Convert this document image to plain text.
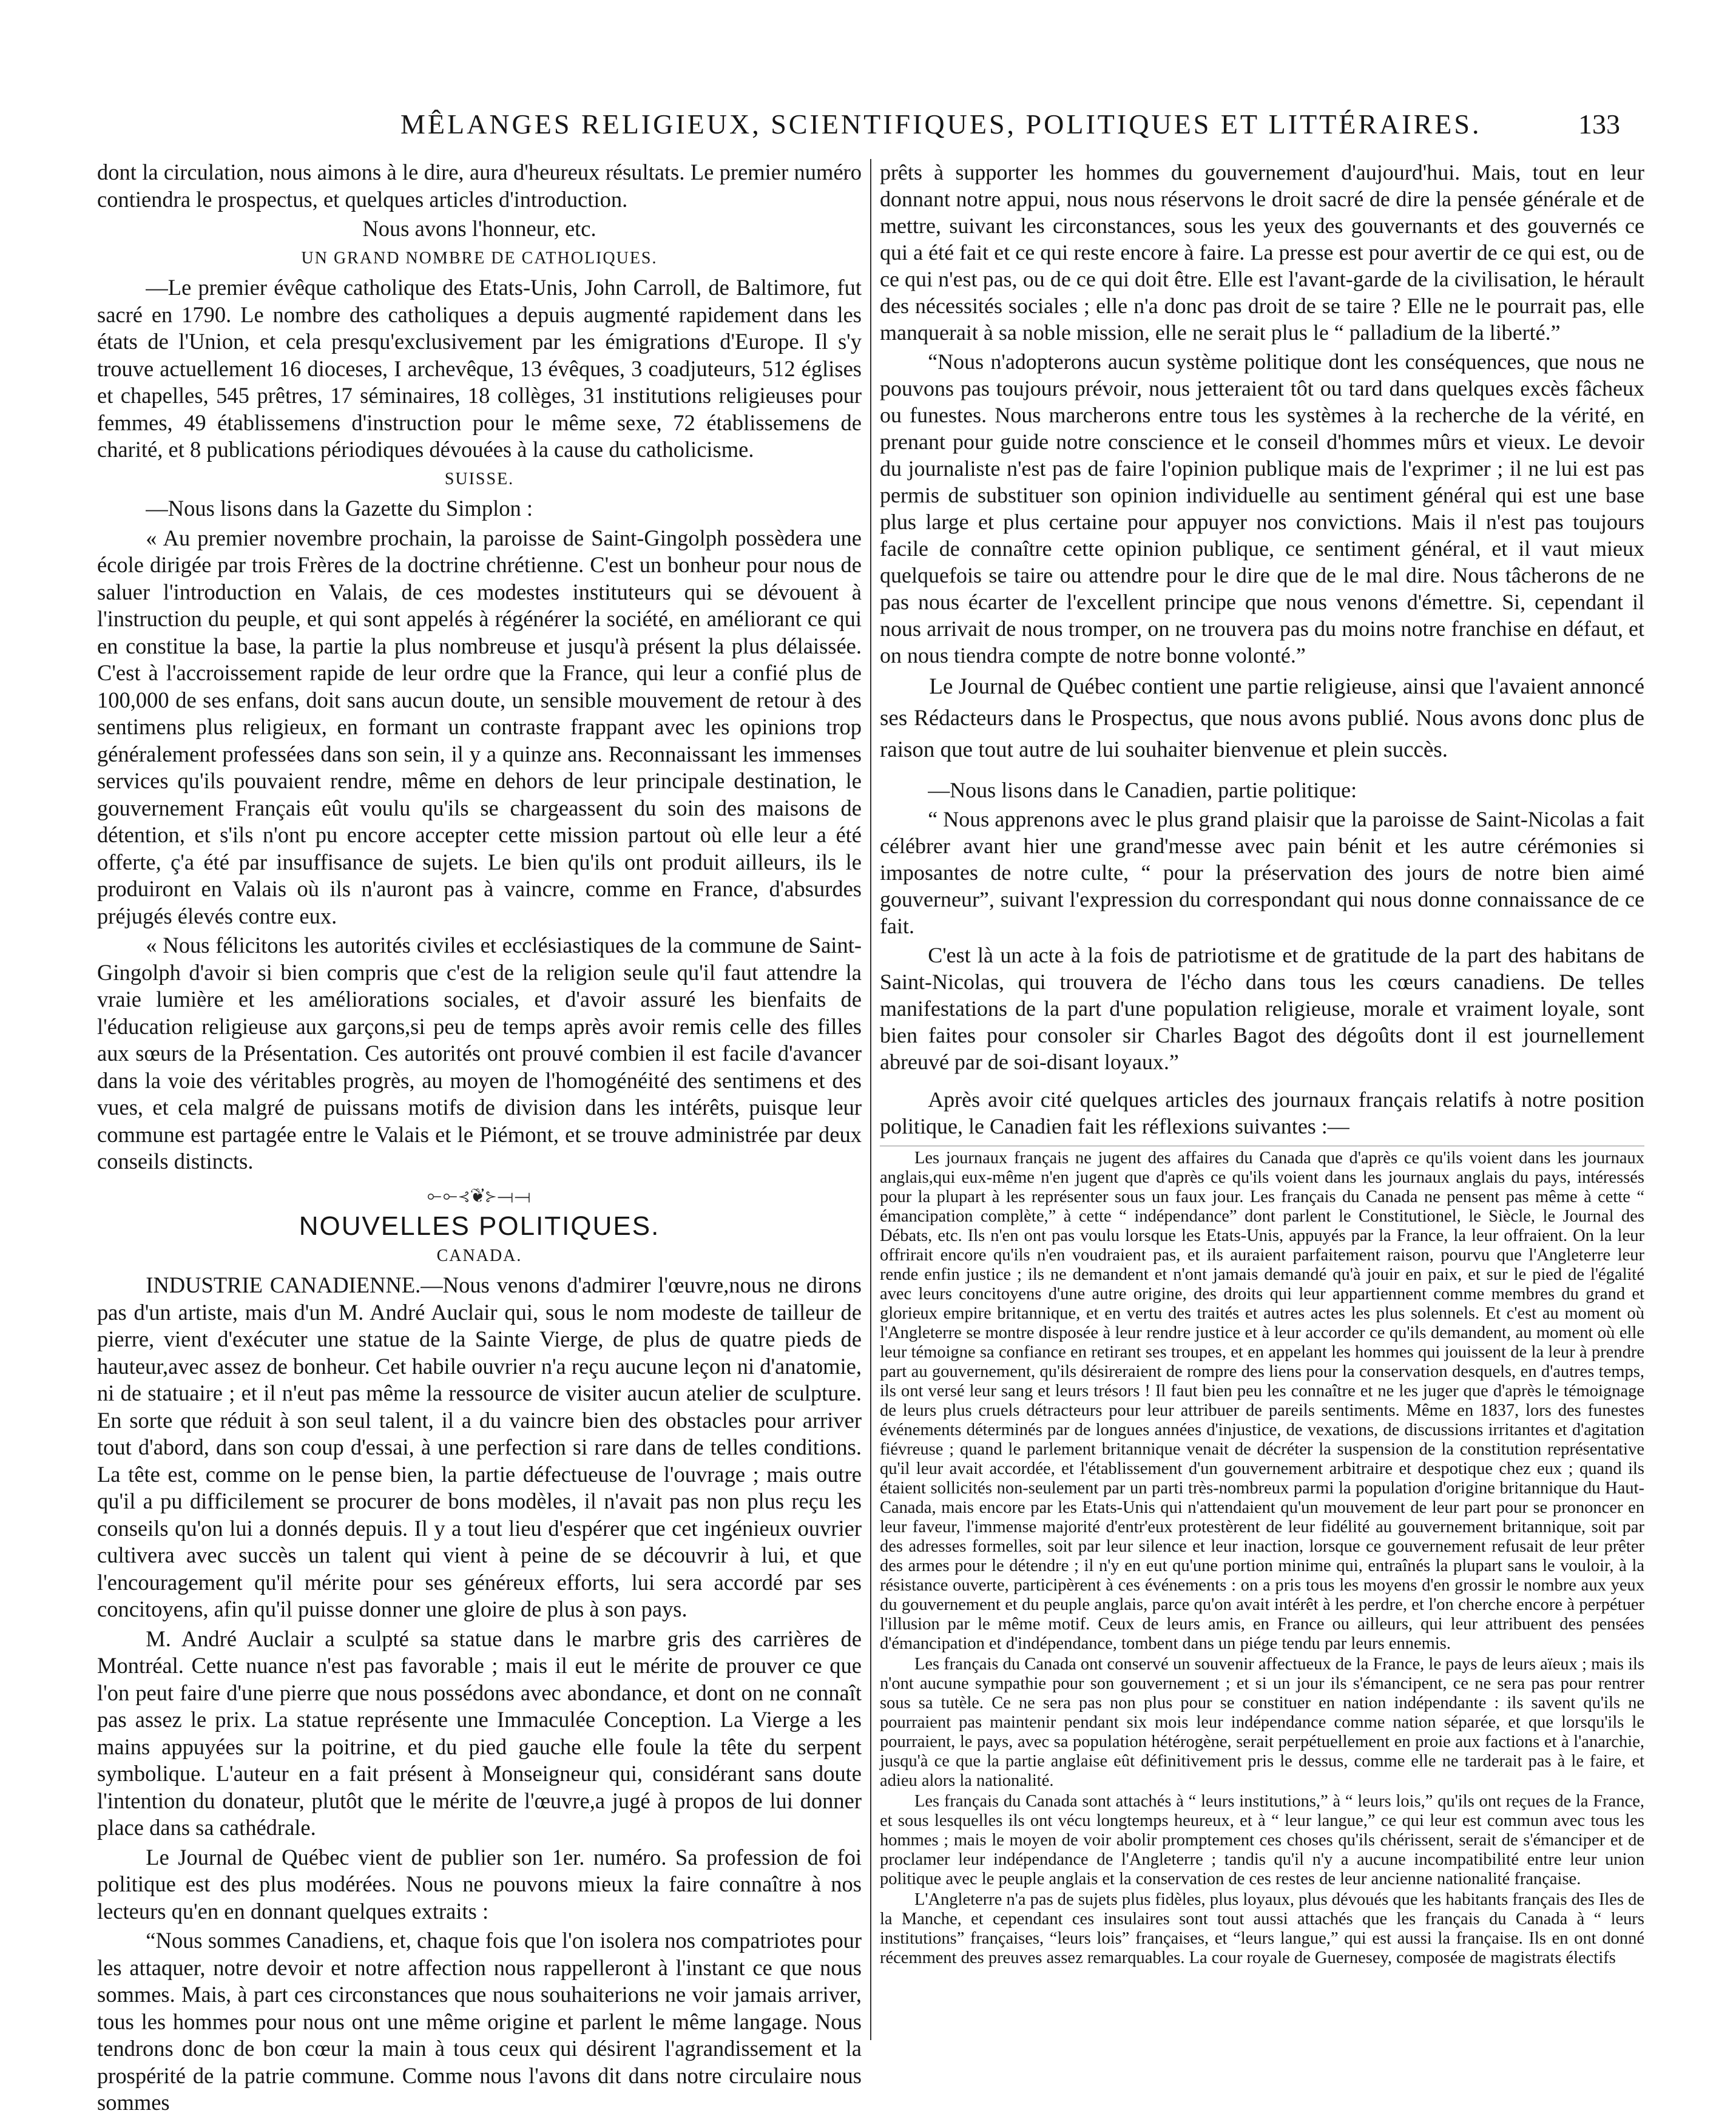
MÊLANGES RELIGIEUX, SCIENTIFIQUES, POLITIQUES ET LITTÉRAIRES.	133

dont la circulation, nous aimons à le dire, aura d'heureux résultats. Le premier numéro contiendra le prospectus, et quelques articles d'introduction.

Nous avons l'honneur, etc.

UN GRAND NOMBRE DE CATHOLIQUES.

—Le premier évêque catholique des Etats-Unis, John Carroll, de Baltimore, fut sacré en 1790. Le nombre des catholiques a depuis augmenté rapidement dans les états de l'Union, et cela presqu'exclusivement par les émigrations d'Europe. Il s'y trouve actuellement 16 dioceses, I archevêque, 13 évêques, 3 coadjuteurs, 512 églises et chapelles, 545 prêtres, 17 séminaires, 18 collèges, 31 institutions religieuses pour femmes, 49 établissemens d'instruction pour le même sexe, 72 établissemens de charité, et 8 publications périodiques dévouées à la cause du catholicisme.

SUISSE.

—Nous lisons dans la Gazette du Simplon :

« Au premier novembre prochain, la paroisse de Saint-Gingolph possèdera une école dirigée par trois Frères de la doctrine chrétienne. C'est un bonheur pour nous de saluer l'introduction en Valais, de ces modestes instituteurs qui se dévouent à l'instruction du peuple, et qui sont appelés à régénérer la société, en améliorant ce qui en constitue la base, la partie la plus nombreuse et jusqu'à présent la plus délaissée. C'est à l'accroissement rapide de leur ordre que la France, qui leur a confié plus de 100,000 de ses enfans, doit sans aucun doute, un sensible mouvement de retour à des sentimens plus religieux, en formant un contraste frappant avec les opinions trop généralement professées dans son sein, il y a quinze ans. Reconnaissant les immenses services qu'ils pouvaient rendre, même en dehors de leur principale destination, le gouvernement Français eût voulu qu'ils se chargeassent du soin des maisons de détention, et s'ils n'ont pu encore accepter cette mission partout où elle leur a été offerte, ç'a été par insuffisance de sujets. Le bien qu'ils ont produit ailleurs, ils le produiront en Valais où ils n'auront pas à vaincre, comme en France, d'absurdes préjugés élevés contre eux.

« Nous félicitons les autorités civiles et ecclésiastiques de la commune de Saint-Gingolph d'avoir si bien compris que c'est de la religion seule qu'il faut attendre la vraie lumière et les améliorations sociales, et d'avoir assuré les bienfaits de l'éducation religieuse aux garçons,si peu de temps après avoir remis celle des filles aux sœurs de la Présentation. Ces autorités ont prouvé combien il est facile d'avancer dans la voie des véritables progrès, au moyen de l'homogénéité des sentimens et des vues, et cela malgré de puissans motifs de division dans les intérêts, puisque leur commune est partagée entre le Valais et le Piémont, et se trouve administrée par deux conseils distincts.

⟜⟜⊰❦⊱⟞⟞
NOUVELLES POLITIQUES.

CANADA.

INDUSTRIE CANADIENNE.—Nous venons d'admirer l'œuvre,nous ne dirons pas d'un artiste, mais d'un M. André Auclair qui, sous le nom modeste de tailleur de pierre, vient d'exécuter une statue de la Sainte Vierge, de plus de quatre pieds de hauteur,avec assez de bonheur. Cet habile ouvrier n'a reçu aucune leçon ni d'anatomie, ni de statuaire ; et il n'eut pas même la ressource de visiter aucun atelier de sculpture. En sorte que réduit à son seul talent, il a du vaincre bien des obstacles pour arriver tout d'abord, dans son coup d'essai, à une perfection si rare dans de telles conditions. La tête est, comme on le pense bien, la partie défectueuse de l'ouvrage ; mais outre qu'il a pu difficilement se procurer de bons modèles, il n'avait pas non plus reçu les conseils qu'on lui a donnés depuis. Il y a tout lieu d'espérer que cet ingénieux ouvrier cultivera avec succès un talent qui vient à peine de se découvrir à lui, et que l'encouragement qu'il mérite pour ses généreux efforts, lui sera accordé par ses concitoyens, afin qu'il puisse donner une gloire de plus à son pays.

M. André Auclair a sculpté sa statue dans le marbre gris des carrières de Montréal. Cette nuance n'est pas favorable ; mais il eut le mérite de prouver ce que l'on peut faire d'une pierre que nous possédons avec abondance, et dont on ne connaît pas assez le prix. La statue représente une Immaculée Conception. La Vierge a les mains appuyées sur la poitrine, et du pied gauche elle foule la tête du serpent symbolique. L'auteur en a fait présent à Monseigneur qui, considérant sans doute l'intention du donateur, plutôt que le mérite de l'œuvre,a jugé à propos de lui donner place dans sa cathédrale.

Le Journal de Québec vient de publier son 1er. numéro. Sa profession de foi politique est des plus modérées. Nous ne pouvons mieux la faire connaître à nos lecteurs qu'en en donnant quelques extraits :

“Nous sommes Canadiens, et, chaque fois que l'on isolera nos compatriotes pour les attaquer, notre devoir et notre affection nous rappelleront à l'instant ce que nous sommes. Mais, à part ces circonstances que nous souhaiterions ne voir jamais arriver, tous les hommes pour nous ont une même origine et parlent le même langage. Nous tendrons donc de bon cœur la main à tous ceux qui désirent l'agrandissement et la prospérité de la patrie commune. Comme nous l'avons dit dans notre circulaire nous sommes

prêts à supporter les hommes du gouvernement d'aujourd'hui. Mais, tout en leur donnant notre appui, nous nous réservons le droit sacré de dire la pensée générale et de mettre, suivant les circonstances, sous les yeux des gouvernants et des gouvernés ce qui a été fait et ce qui reste encore à faire. La presse est pour avertir de ce qui est, ou de ce qui n'est pas, ou de ce qui doit être. Elle est l'avant-garde de la civilisation, le hérault des nécessités sociales ; elle n'a donc pas droit de se taire ? Elle ne le pourrait pas, elle manquerait à sa noble mission, elle ne serait plus le “ palladium de la liberté.”

“Nous n'adopterons aucun système politique dont les conséquences, que nous ne pouvons pas toujours prévoir, nous jetteraient tôt ou tard dans quelques excès fâcheux ou funestes. Nous marcherons entre tous les systèmes à la recherche de la vérité, en prenant pour guide notre conscience et le conseil d'hommes mûrs et vieux. Le devoir du journaliste n'est pas de faire l'opinion publique mais de l'exprimer ; il ne lui est pas permis de substituer son opinion individuelle au sentiment général qui est une base plus large et plus certaine pour appuyer nos convictions. Mais il n'est pas toujours facile de connaître cette opinion publique, ce sentiment général, et il vaut mieux quelquefois se taire ou attendre pour le dire que de le mal dire. Nous tâcherons de ne pas nous écarter de l'excellent principe que nous venons d'émettre. Si, cependant il nous arrivait de nous tromper, on ne trouvera pas du moins notre franchise en défaut, et on nous tiendra compte de notre bonne volonté.”

Le Journal de Québec contient une partie religieuse, ainsi que l'avaient annoncé ses Rédacteurs dans le Prospectus, que nous avons publié. Nous avons donc plus de raison que tout autre de lui souhaiter bienvenue et plein succès.

—Nous lisons dans le Canadien, partie politique:

“ Nous apprenons avec le plus grand plaisir que la paroisse de Saint-Nicolas a fait célébrer avant hier une grand'messe avec pain bénit et les autre cérémonies si imposantes de notre culte, “ pour la préservation des jours de notre bien aimé gouverneur”, suivant l'expression du correspondant qui nous donne connaissance de ce fait.

C'est là un acte à la fois de patriotisme et de gratitude de la part des habitans de Saint-Nicolas, qui trouvera de l'écho dans tous les cœurs canadiens. De telles manifestations de la part d'une population religieuse, morale et vraiment loyale, sont bien faites pour consoler sir Charles Bagot des dégoûts dont il est journellement abreuvé par de soi-disant loyaux.”

Après avoir cité quelques articles des journaux français relatifs à notre position politique, le Canadien fait les réflexions suivantes :—

Les journaux français ne jugent des affaires du Canada que d'après ce qu'ils voient dans les journaux anglais,qui eux-même n'en jugent que d'après ce qu'ils voient dans les journaux anglais du pays, intéressés pour la plupart à les représenter sous un faux jour. Les français du Canada ne pensent pas même à cette “ émancipation complète,” à cette “ indépendance” dont parlent le Constitutionel, le Siècle, le Journal des Débats, etc. Ils n'en ont pas voulu lorsque les Etats-Unis, appuyés par la France, la leur offraient. On la leur offrirait encore qu'ils n'en voudraient pas, et ils auraient parfaitement raison, pourvu que l'Angleterre leur rende enfin justice ; ils ne demandent et n'ont jamais demandé qu'à jouir en paix, et sur le pied de l'égalité avec leurs concitoyens d'une autre origine, des droits qui leur appartiennent comme membres du grand et glorieux empire britannique, et en vertu des traités et autres actes les plus solennels. Et c'est au moment où l'Angleterre se montre disposée à leur rendre justice et à leur accorder ce qu'ils demandent, au moment où elle leur témoigne sa confiance en retirant ses troupes, et en appelant les hommes qui jouissent de la leur à prendre part au gouvernement, qu'ils désireraient de rompre des liens pour la conservation desquels, en d'autres temps, ils ont versé leur sang et leurs trésors ! Il faut bien peu les connaître et ne les juger que d'après le témoignage de leurs plus cruels détracteurs pour leur attribuer de pareils sentiments. Même en 1837, lors des funestes événements déterminés par de longues années d'injustice, de vexations, de discussions irritantes et d'agitation fiévreuse ; quand le parlement britannique venait de décréter la suspension de la constitution représentative qu'il leur avait accordée, et l'établissement d'un gouvernement arbitraire et despotique chez eux ; quand ils étaient sollicités non-seulement par un parti très-nombreux parmi la population d'origine britannique du Haut-Canada, mais encore par les Etats-Unis qui n'attendaient qu'un mouvement de leur part pour se prononcer en leur faveur, l'immense majorité d'entr'eux protestèrent de leur fidélité au gouvernement britannique, soit par des adresses formelles, soit par leur silence et leur inaction, lorsque ce gouvernement refusait de leur prêter des armes pour le détendre ; il n'y en eut qu'une portion minime qui, entraînés la plupart sans le vouloir, à la résistance ouverte, participèrent à ces événements : on a pris tous les moyens d'en grossir le nombre aux yeux du gouvernement et du peuple anglais, parce qu'on avait intérêt à les perdre, et l'on cherche encore à perpétuer l'illusion par le même motif. Ceux de leurs amis, en France ou ailleurs, qui leur attribuent des pensées d'émancipation et d'indépendance, tombent dans un piége tendu par leurs ennemis.

Les français du Canada ont conservé un souvenir affectueux de la France, le pays de leurs aïeux ; mais ils n'ont aucune sympathie pour son gouvernement ; et si un jour ils s'émancipent, ce ne sera pas pour rentrer sous sa tutèle. Ce ne sera pas non plus pour se constituer en nation indépendante : ils savent qu'ils ne pourraient pas maintenir pendant six mois leur indépendance comme nation séparée, et que lorsqu'ils le pourraient, le pays, avec sa population hétérogène, serait perpétuellement en proie aux factions et à l'anarchie, jusqu'à ce que la partie anglaise eût définitivement pris le dessus, comme elle ne tarderait pas à le faire, et adieu alors la nationalité.

Les français du Canada sont attachés à “ leurs institutions,” à “ leurs lois,” qu'ils ont reçues de la France, et sous lesquelles ils ont vécu longtemps heureux, et à “ leur langue,” ce qui leur est commun avec tous les hommes ; mais le moyen de voir abolir promptement ces choses qu'ils chérissent, serait de s'émanciper et de proclamer leur indépendance de l'Angleterre ; tandis qu'il n'y a aucune incompatibilité entre leur union politique avec le peuple anglais et la conservation de ces restes de leur ancienne nationalité française.

L'Angleterre n'a pas de sujets plus fidèles, plus loyaux, plus dévoués que les habitants français des Iles de la Manche, et cependant ces insulaires sont tout aussi attachés que les français du Canada à “ leurs institutions” françaises, “leurs lois” françaises, et “leurs langue,” qui est aussi la française. Ils en ont donné récemment des preuves assez remarquables. La cour royale de Guernesey, composée de magistrats électifs
